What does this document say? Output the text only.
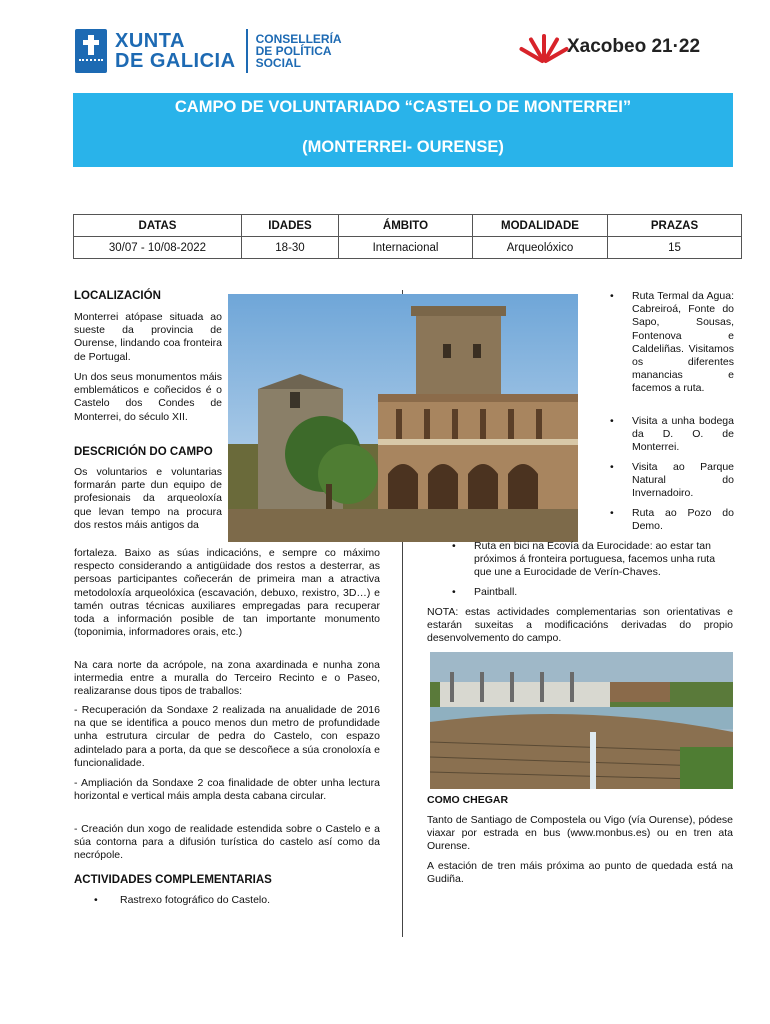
XUNTA
DE GALICIA
CONSELLERÍA
DE POLÍTICA
SOCIAL
Xacobeo 21·22
CAMPO DE VOLUNTARIADO “CASTELO DE MONTERREI”
(MONTERREI- OURENSE)
DATAS	IDADES	ÁMBITO	MODALIDADE	PRAZAS
30/07 - 10/08-2022	18-30	Internacional	Arqueolóxico	15
LOCALIZACIÓN
Monterrei atópase situada ao sueste da provincia de Ourense, lindando coa fronteira de Portugal.
Un dos seus monumentos máis emblemáticos e coñecidos é o Castelo dos Condes de Monterrei, do século XII.
DESCRICIÓN DO CAMPO
Os voluntarios e voluntarias formarán parte dun equipo de profesionais da arqueoloxía que levan tempo na procura dos restos máis antigos da
fortaleza. Baixo as súas indicacións, e sempre co máximo respecto considerando a antigüidade dos restos a desterrar, as persoas participantes coñecerán de primeira man a atractiva metodoloxía arqueolóxica (escavación, debuxo, rexistro, 3D…) e tamén outras técnicas auxiliares empregadas para recuperar toda a información posible de tan importante monumento (toponimia, informadores orais, etc.)
Na cara norte da acrópole, na zona axardinada e nunha zona intermedia entre a muralla do Terceiro Recinto e o Paseo, realizaranse dous tipos de traballos:
- Recuperación da Sondaxe 2 realizada na anualidade de 2016 na que se identifica a pouco menos dun metro de profundidade unha estrutura circular de pedra do Castelo, con espazo adintelado para a porta, da que se descoñece a súa cronoloxía e funcionalidade.
- Ampliación da Sondaxe 2 coa finalidade de obter unha lectura horizontal e vertical máis ampla desta cabana circular.
- Creación dun xogo de realidade estendida sobre o Castelo e a súa contorna para a difusión turística do castelo así como da necrópole.
ACTIVIDADES COMPLEMENTARIAS
• Rastrexo fotográfico do Castelo.
• Ruta Termal da Agua: Cabreiroá, Fonte do Sapo, Sousas, Fontenova e Caldeliñas. Visitamos os diferentes manancias e facemos a ruta.
• Visita a unha bodega da D. O. de Monterrei.
• Visita ao Parque Natural do Invernadoiro.
• Ruta ao Pozo do Demo.
• Ruta en bici na Ecovía da Eurocidade: ao estar tan próximos á fronteira portuguesa, facemos unha ruta que une a Eurocidade de Verín-Chaves.
• Paintball.
NOTA: estas actividades complementarias son orientativas e estarán suxeitas a modificacións derivadas do propio desenvolvemento do campo.
COMO CHEGAR
Tanto de Santiago de Compostela ou Vigo (vía Ourense), pódese viaxar por estrada en bus (www.monbus.es) ou en tren ata Ourense.
A estación de tren máis próxima ao punto de quedada está na Gudiña.
